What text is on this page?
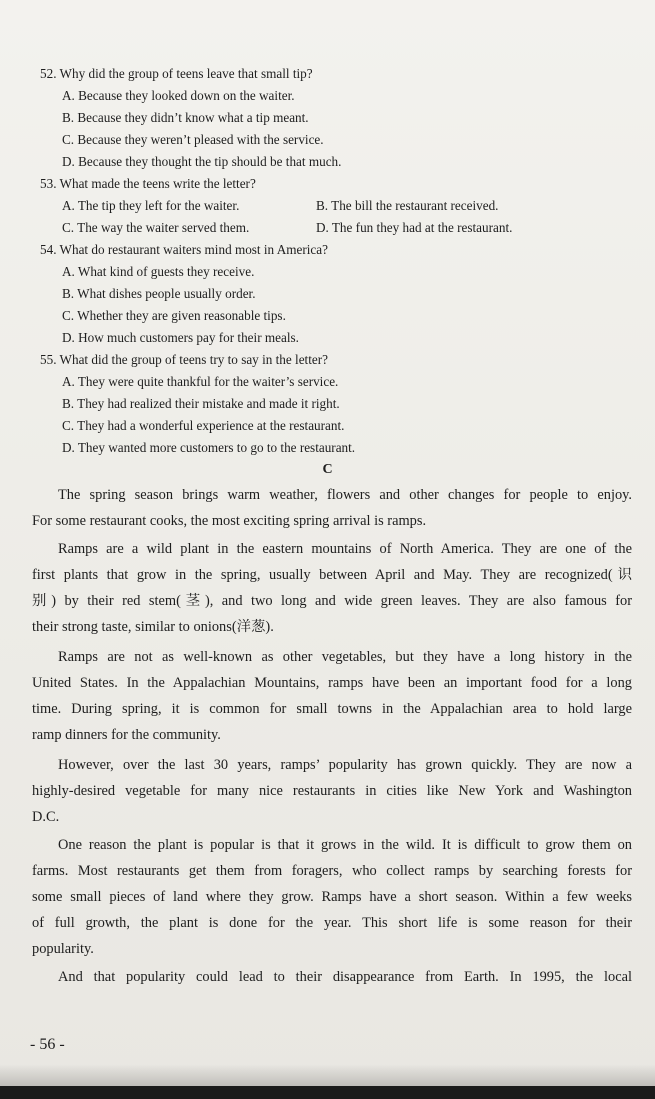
52. Why did the group of teens leave that small tip?
A. Because they looked down on the waiter.
B. Because they didn’t know what a tip meant.
C. Because they weren’t pleased with the service.
D. Because they thought the tip should be that much.
53. What made the teens write the letter?
A. The tip they left for the waiter.	B. The bill the restaurant received.
C. The way the waiter served them.	D. The fun they had at the restaurant.
54. What do restaurant waiters mind most in America?
A. What kind of guests they receive.
B. What dishes people usually order.
C. Whether they are given reasonable tips.
D. How much customers pay for their meals.
55. What did the group of teens try to say in the letter?
A. They were quite thankful for the waiter’s service.
B. They had realized their mistake and made it right.
C. They had a wonderful experience at the restaurant.
D. They wanted more customers to go to the restaurant.
C
The spring season brings warm weather, flowers and other changes for people to enjoy.
For some restaurant cooks, the most exciting spring arrival is ramps.
Ramps are a wild plant in the eastern mountains of North America. They are one of the
first plants that grow in the spring, usually between April and May. They are recognized(识
别) by their red stem(茎), and two long and wide green leaves. They are also famous for
their strong taste, similar to onions(洋葱).
Ramps are not as well-known as other vegetables, but they have a long history in the
United States. In the Appalachian Mountains, ramps have been an important food for a long
time. During spring, it is common for small towns in the Appalachian area to hold large
ramp dinners for the community.
However, over the last 30 years, ramps’ popularity has grown quickly. They are now a
highly-desired vegetable for many nice restaurants in cities like New York and Washington
D.C.
One reason the plant is popular is that it grows in the wild. It is difficult to grow them on
farms. Most restaurants get them from foragers, who collect ramps by searching forests for
some small pieces of land where they grow. Ramps have a short season. Within a few weeks
of full growth, the plant is done for the year. This short life is some reason for their
popularity.
And that popularity could lead to their disappearance from Earth. In 1995, the local
- 56 -
